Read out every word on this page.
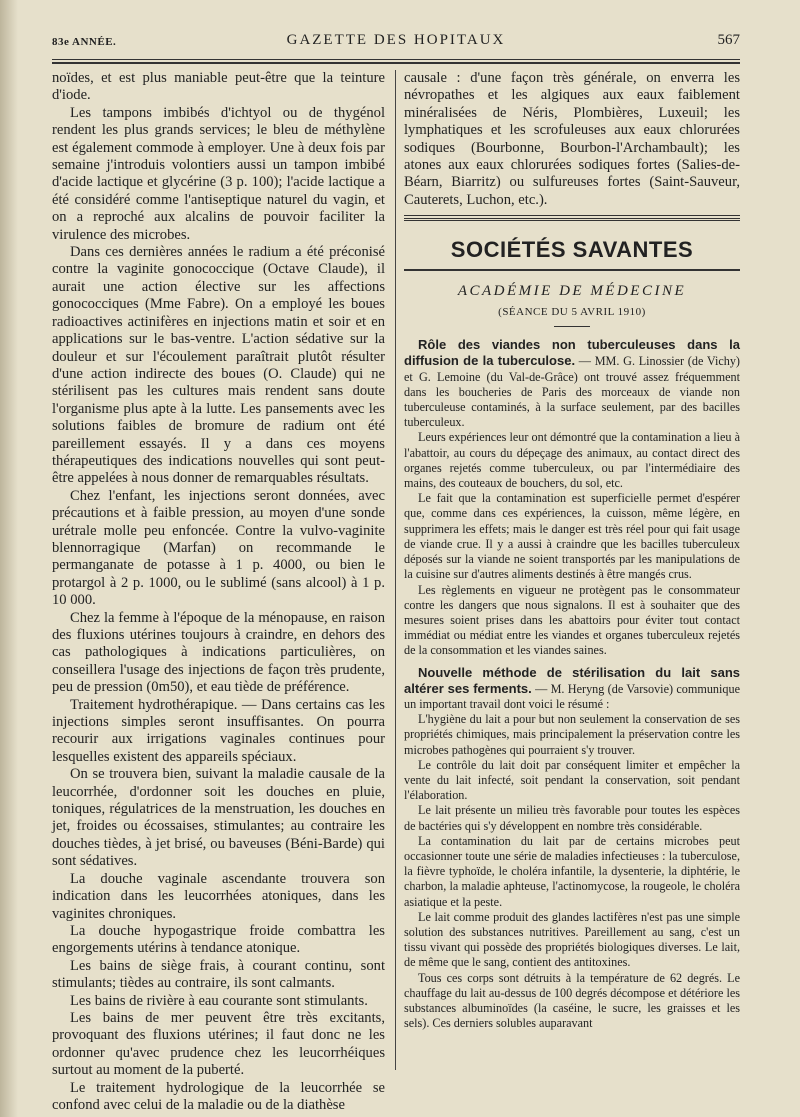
83e ANNÉE.	GAZETTE DES HOPITAUX	567

noïdes, et est plus maniable peut-être que la teinture d'iode.

Les tampons imbibés d'ichtyol ou de thygénol rendent les plus grands services; le bleu de méthylène est également commode à employer. Une à deux fois par semaine j'introduis volontiers aussi un tampon imbibé d'acide lactique et glycérine (3 p. 100); l'acide lactique a été considéré comme l'antiseptique naturel du vagin, et on a reproché aux alcalins de pouvoir faciliter la virulence des microbes.

Dans ces dernières années le radium a été préconisé contre la vaginite gonococcique (Octave Claude), il aurait une action élective sur les affections gonococciques (Mme Fabre). On a employé les boues radioactives actinifères en injections matin et soir et en applications sur le bas-ventre. L'action sédative sur la douleur et sur l'écoulement paraîtrait plutôt résulter d'une action indirecte des boues (O. Claude) qui ne stérilisent pas les cultures mais rendent sans doute l'organisme plus apte à la lutte. Les pansements avec les solutions faibles de bromure de radium ont été pareillement essayés. Il y a dans ces moyens thérapeutiques des indications nouvelles qui sont peut-être appelées à nous donner de remarquables résultats.

Chez l'enfant, les injections seront données, avec précautions et à faible pression, au moyen d'une sonde urétrale molle peu enfoncée. Contre la vulvo-vaginite blennorragique (Marfan) on recommande le permanganate de potasse à 1 p. 4000, ou bien le protargol à 2 p. 1000, ou le sublimé (sans alcool) à 1 p. 10 000.

Chez la femme à l'époque de la ménopause, en raison des fluxions utérines toujours à craindre, en dehors des cas pathologiques à indications particulières, on conseillera l'usage des injections de façon très prudente, peu de pression (0m50), et eau tiède de préférence.

Traitement hydrothérapique. — Dans certains cas les injections simples seront insuffisantes. On pourra recourir aux irrigations vaginales continues pour lesquelles existent des appareils spéciaux.

On se trouvera bien, suivant la maladie causale de la leucorrhée, d'ordonner soit les douches en pluie, toniques, régulatrices de la menstruation, les douches en jet, froides ou écossaises, stimulantes; au contraire les douches tièdes, à jet brisé, ou baveuses (Béni-Barde) qui sont sédatives.

La douche vaginale ascendante trouvera son indication dans les leucorrhées atoniques, dans les vaginites chroniques.

La douche hypogastrique froide combattra les engorgements utérins à tendance atonique.

Les bains de siège frais, à courant continu, sont stimulants; tièdes au contraire, ils sont calmants.

Les bains de rivière à eau courante sont stimulants.

Les bains de mer peuvent être très excitants, provoquant des fluxions utérines; il faut donc ne les ordonner qu'avec prudence chez les leucorrhéiques surtout au moment de la puberté.

Le traitement hydrologique de la leucorrhée se confond avec celui de la maladie ou de la diathèse

causale : d'une façon très générale, on enverra les névropathes et les algiques aux eaux faiblement minéralisées de Néris, Plombières, Luxeuil; les lymphatiques et les scrofuleuses aux eaux chlorurées sodiques (Bourbonne, Bourbon-l'Archambault); les atones aux eaux chlorurées sodiques fortes (Salies-de-Béarn, Biarritz) ou sulfureuses fortes (Saint-Sauveur, Cauterets, Luchon, etc.).

SOCIÉTÉS SAVANTES
ACADÉMIE DE MÉDECINE
(SÉANCE DU 5 AVRIL 1910)

Rôle des viandes non tuberculeuses dans la diffusion de la tuberculose. — MM. G. Linossier (de Vichy) et G. Lemoine (du Val-de-Grâce) ont trouvé assez fréquemment dans les boucheries de Paris des morceaux de viande non tuberculeuse contaminés, à la surface seulement, par des bacilles tuberculeux.

Leurs expériences leur ont démontré que la contamination a lieu à l'abattoir, au cours du dépeçage des animaux, au contact direct des organes rejetés comme tuberculeux, ou par l'intermédiaire des mains, des couteaux de bouchers, du sol, etc.

Le fait que la contamination est superficielle permet d'espérer que, comme dans ces expériences, la cuisson, même légère, en supprimera les effets; mais le danger est très réel pour qui fait usage de viande crue. Il y a aussi à craindre que les bacilles tuberculeux déposés sur la viande ne soient transportés par les manipulations de la cuisine sur d'autres aliments destinés à être mangés crus.

Les règlements en vigueur ne protègent pas le consommateur contre les dangers que nous signalons. Il est à souhaiter que des mesures soient prises dans les abattoirs pour éviter tout contact immédiat ou médiat entre les viandes et organes tuberculeux rejetés de la consommation et les viandes saines.

Nouvelle méthode de stérilisation du lait sans altérer ses ferments. — M. Heryng (de Varsovie) communique un important travail dont voici le résumé :

L'hygiène du lait a pour but non seulement la conservation de ses propriétés chimiques, mais principalement la préservation contre les microbes pathogènes qui pourraient s'y trouver.

Le contrôle du lait doit par conséquent limiter et empêcher la vente du lait infecté, soit pendant la conservation, soit pendant l'élaboration.

Le lait présente un milieu très favorable pour toutes les espèces de bactéries qui s'y développent en nombre très considérable.

La contamination du lait par de certains microbes peut occasionner toute une série de maladies infectieuses : la tuberculose, la fièvre typhoïde, le choléra infantile, la dysenterie, la diphtérie, le charbon, la maladie aphteuse, l'actinomycose, la rougeole, le choléra asiatique et la peste.

Le lait comme produit des glandes lactifères n'est pas une simple solution des substances nutritives. Pareillement au sang, c'est un tissu vivant qui possède des propriétés biologiques diverses. Le lait, de même que le sang, contient des antitoxines.

Tous ces corps sont détruits à la température de 62 degrés. Le chauffage du lait au-dessus de 100 degrés décompose et détériore les substances albuminoïdes (la caséine, le sucre, les graisses et les sels). Ces derniers solubles auparavant
